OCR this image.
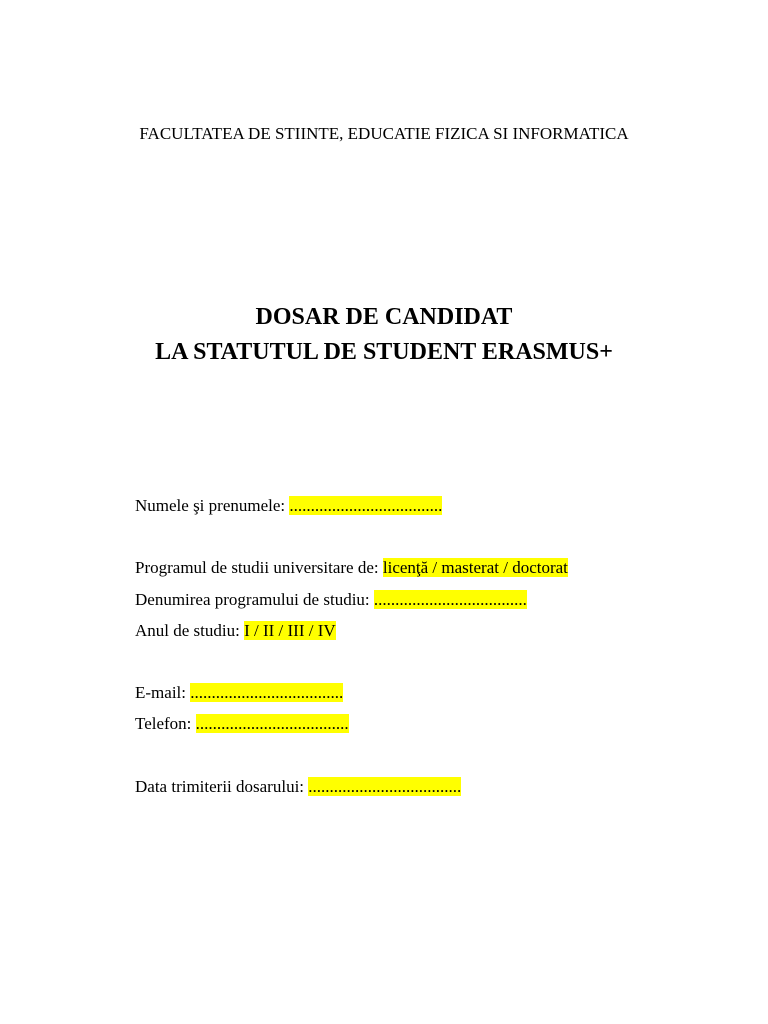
FACULTATEA DE STIINTE, EDUCATIE FIZICA SI INFORMATICA
DOSAR DE CANDIDAT
LA STATUTUL DE STUDENT ERASMUS+
Numele şi prenumele: ....................................
Programul de studii universitare de: licenţă / masterat / doctorat
Denumirea programului de studiu: ....................................
Anul de studiu: I / II / III / IV
E-mail: ....................................
Telefon: ....................................
Data trimiterii dosarului: ....................................
